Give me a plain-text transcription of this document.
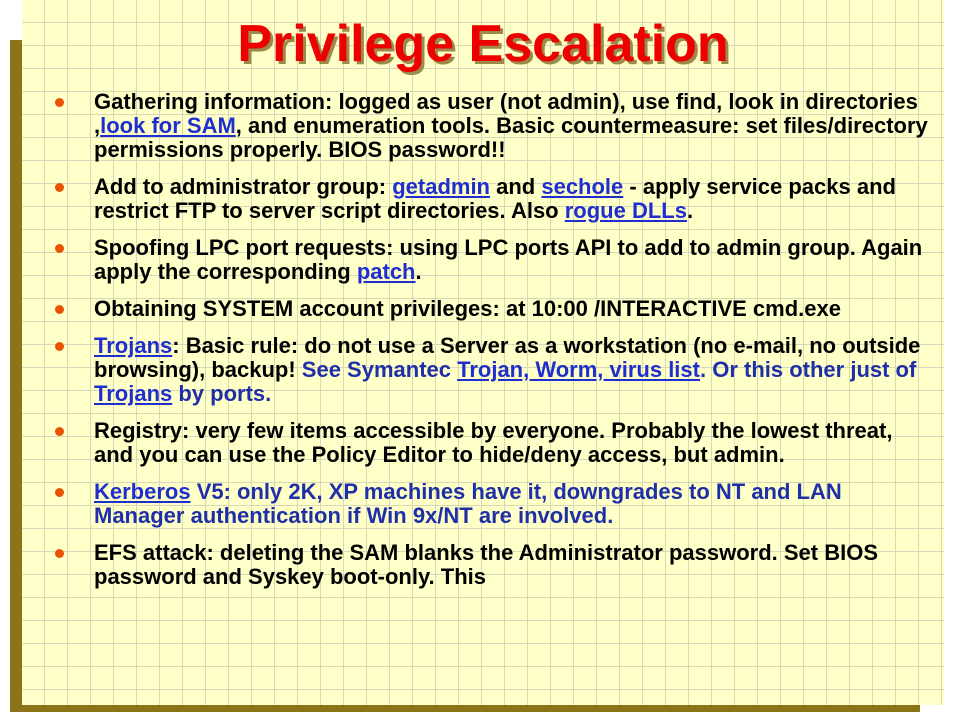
Privilege Escalation
Gathering information: logged as user (not admin), use find, look in directories ,look for SAM, and enumeration tools. Basic countermeasure: set files/directory permissions properly. BIOS password!!
Add to administrator group: getadmin and sechole - apply service packs and restrict FTP to server script directories. Also rogue DLLs.
Spoofing LPC port requests: using LPC ports API to add to admin group. Again apply the corresponding patch.
Obtaining SYSTEM account privileges: at 10:00 /INTERACTIVE cmd.exe
Trojans: Basic rule: do not use a Server as a workstation (no e-mail, no outside browsing), backup! See Symantec Trojan, Worm, virus list. Or this other just of Trojans by ports.
Registry: very few items accessible by everyone. Probably the lowest threat, and you can use the Policy Editor to hide/deny access, but admin.
Kerberos V5: only 2K, XP machines have it, downgrades to NT and LAN Manager authentication if Win 9x/NT are involved.
EFS attack: deleting the SAM blanks the Administrator password. Set BIOS password and Syskey boot-only. This
